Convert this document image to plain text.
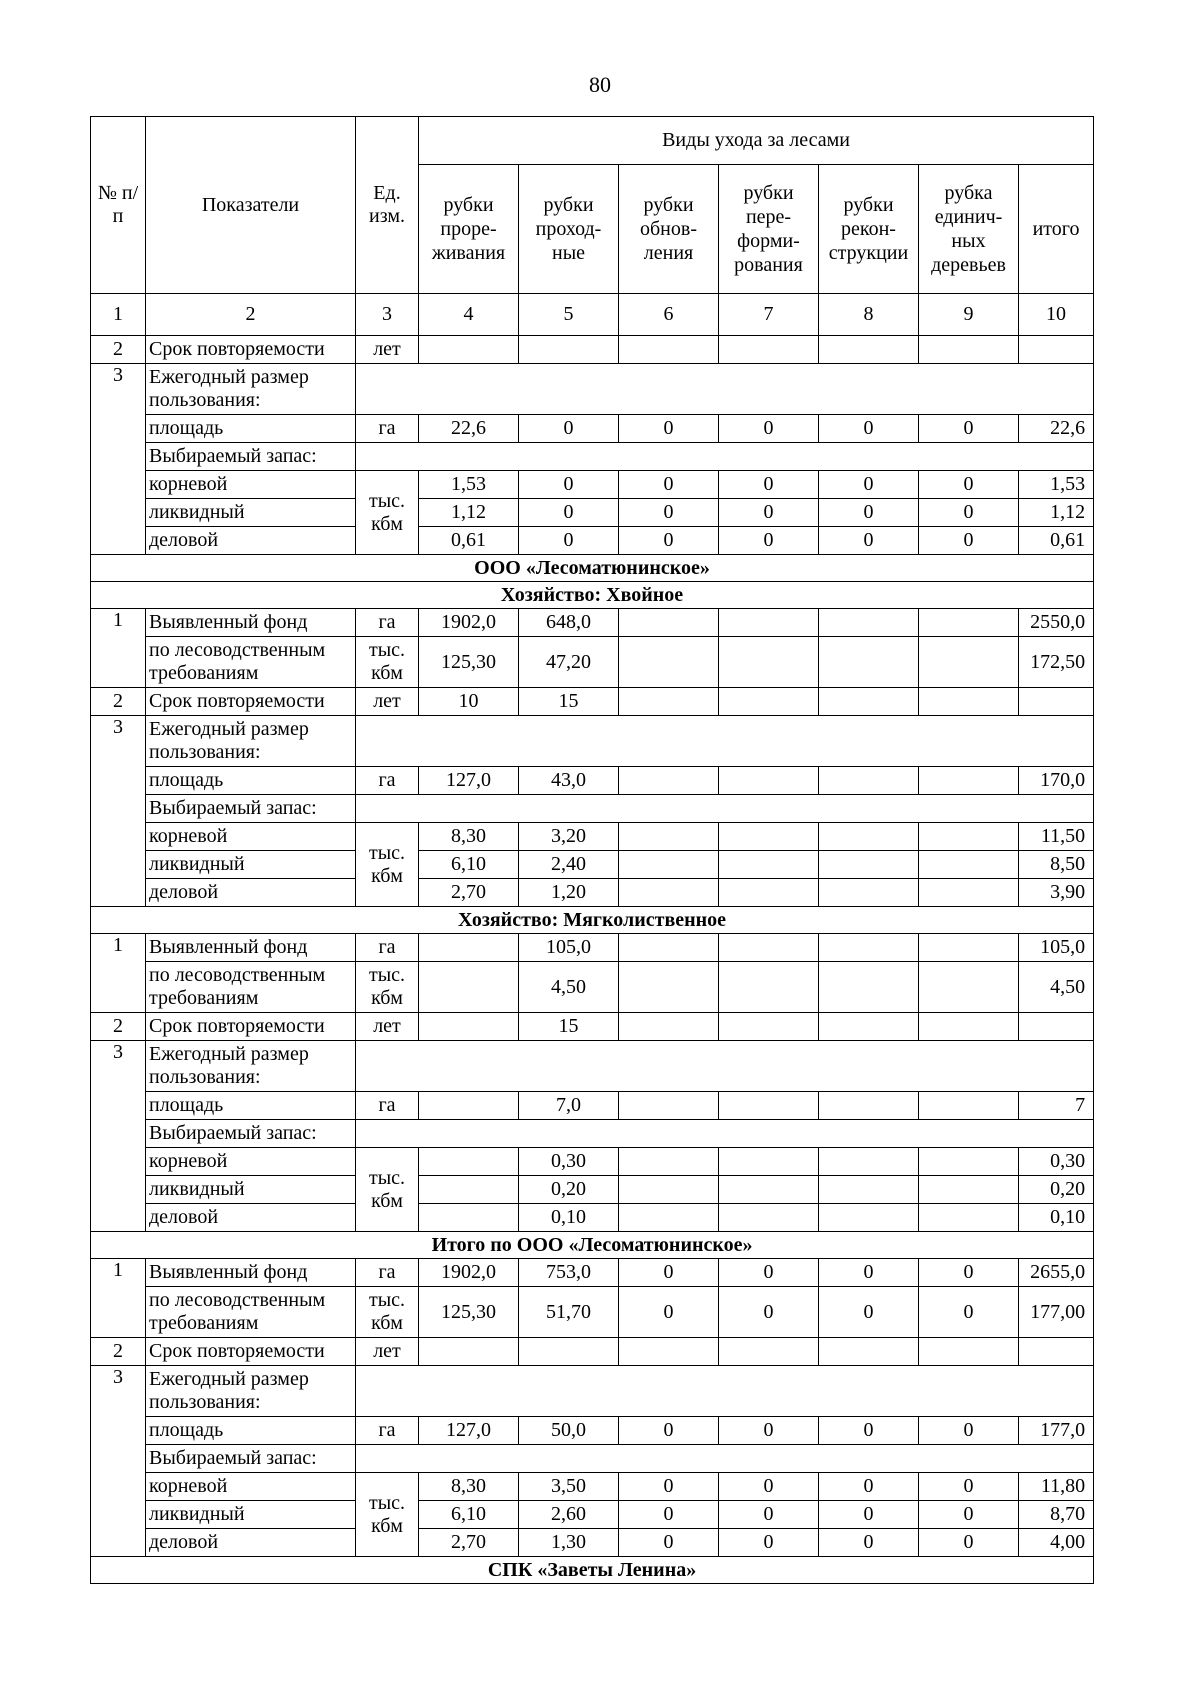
80
№ п/п	Показатели	Ед. изм.	Виды ухода за лесами						
			рубки проре-живания	рубки проход-ные	рубки обнов-ления	рубки пере-форми-рования	рубки рекон-струкции	рубка единич-ных деревьев	итого
1	2	3	4	5	6	7	8	9	10
2	Срок повторяемости	лет							
3	Ежегодный размер пользования:								
	площадь	га	22,6	0	0	0	0	0	22,6
	Выбираемый запас:								
	корневой	тыс. кбм	1,53	0	0	0	0	0	1,53
	ликвидный		1,12	0	0	0	0	0	1,12
	деловой		0,61	0	0	0	0	0	0,61
ООО «Лесоматюнинское»									
Хозяйство: Хвойное									
1	Выявленный фонд	га	1902,0	648,0					2550,0
	по лесоводственным требованиям	тыс. кбм	125,30	47,20					172,50
2	Срок повторяемости	лет	10	15					
3	Ежегодный размер пользования:								
	площадь	га	127,0	43,0					170,0
	Выбираемый запас:								
	корневой	тыс. кбм	8,30	3,20					11,50
	ликвидный		6,10	2,40					8,50
	деловой		2,70	1,20					3,90
Хозяйство: Мягколиственное									
1	Выявленный фонд	га		105,0					105,0
	по лесоводственным требованиям	тыс. кбм		4,50					4,50
2	Срок повторяемости	лет		15					
3	Ежегодный размер пользования:								
	площадь	га		7,0					7
	Выбираемый запас:								
	корневой	тыс. кбм		0,30					0,30
	ликвидный			0,20					0,20
	деловой			0,10					0,10
Итого по ООО «Лесоматюнинское»									
1	Выявленный фонд	га	1902,0	753,0	0	0	0	0	2655,0
	по лесоводственным требованиям	тыс. кбм	125,30	51,70	0	0	0	0	177,00
2	Срок повторяемости	лет							
3	Ежегодный размер пользования:								
	площадь	га	127,0	50,0	0	0	0	0	177,0
	Выбираемый запас:								
	корневой	тыс. кбм	8,30	3,50	0	0	0	0	11,80
	ликвидный		6,10	2,60	0	0	0	0	8,70
	деловой		2,70	1,30	0	0	0	0	4,00
СПК «Заветы Ленина»									
